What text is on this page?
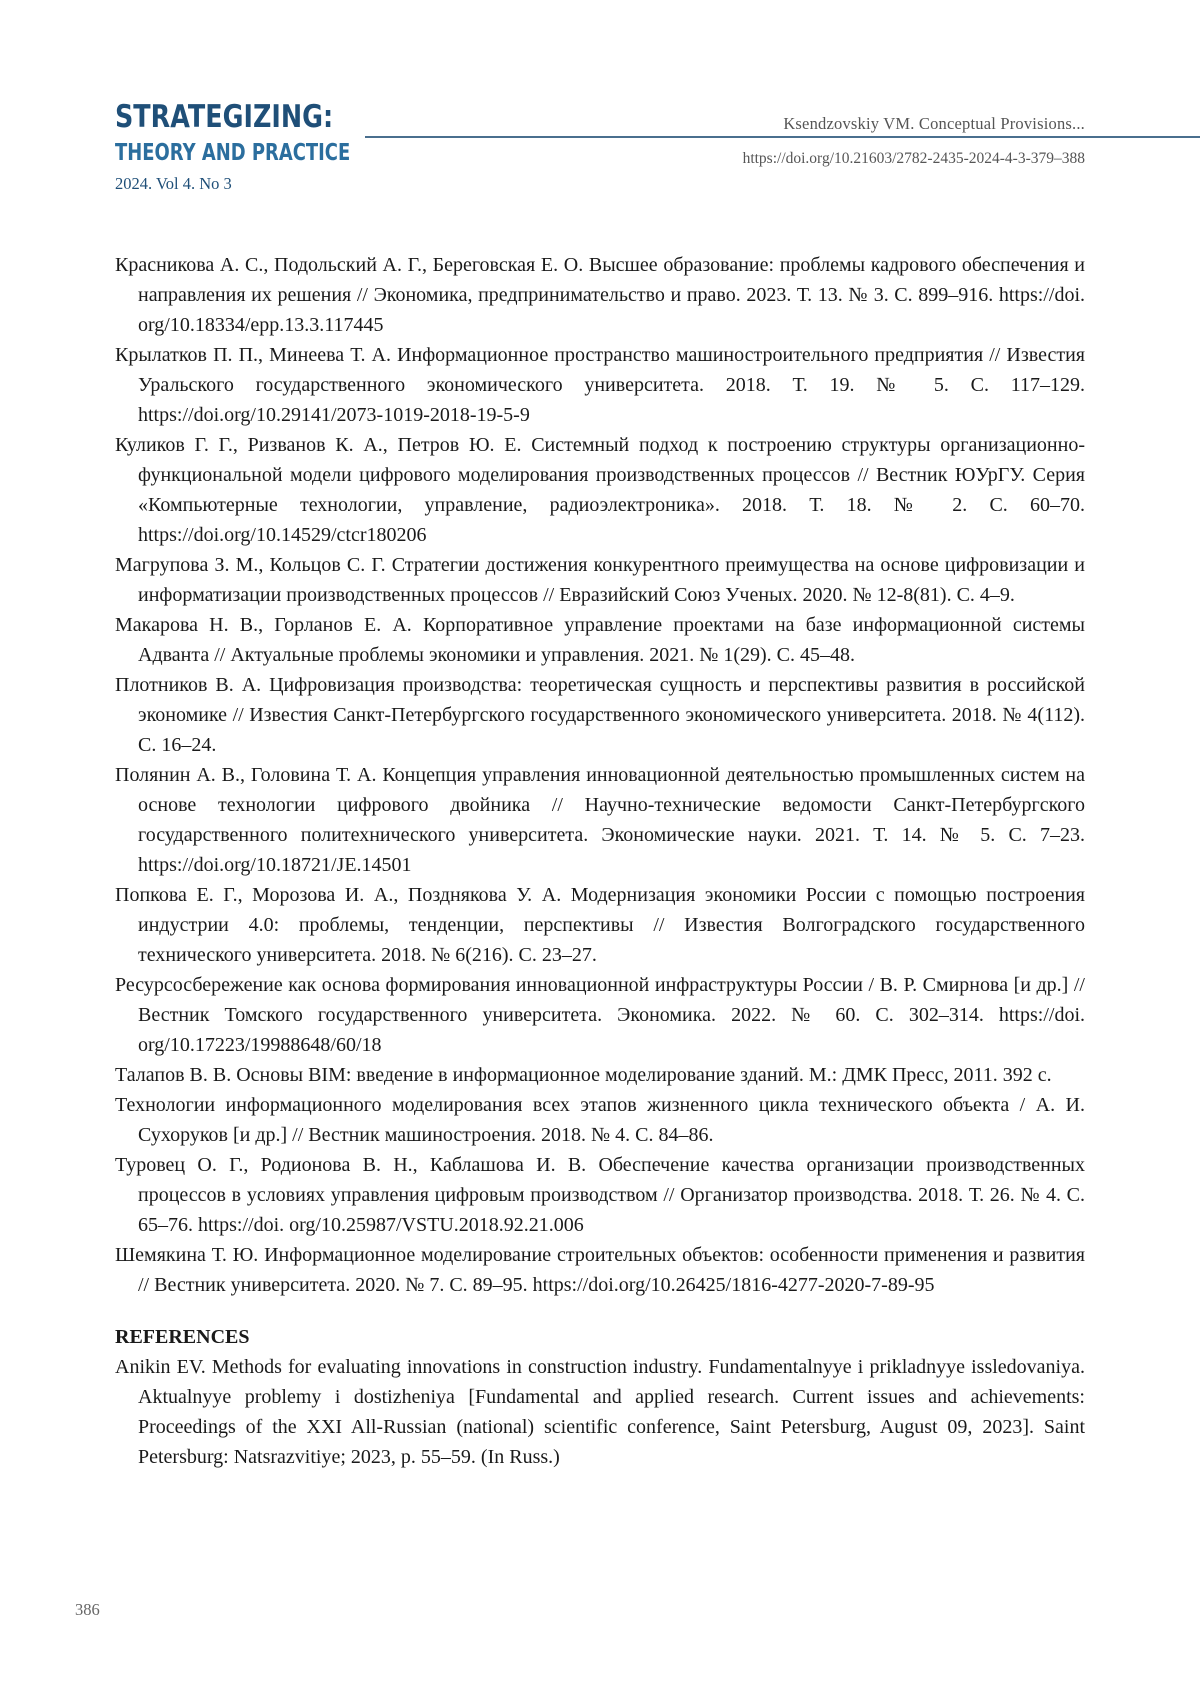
STRATEGIZING:
THEORY AND PRACTICE
2024. Vol 4. No 3
Ksendzovskiy VM. Conceptual Provisions...
https://doi.org/10.21603/2782-2435-2024-4-3-379–388

Красникова А. С., Подольский А. Г., Береговская Е. О. Высшее образование: проблемы кадрового обеспечения и направления их решения // Экономика, предпринимательство и право. 2023. Т. 13. № 3. С. 899–916. https://doi. org/10.18334/epp.13.3.117445

Крылатков П. П., Минеева Т. А. Информационное пространство машиностроительного предприятия // Известия Уральского государственного экономического университета. 2018. Т. 19. № 5. С. 117–129. https://doi.org/10.29141/2073-1019-2018-19-5-9

Куликов Г. Г., Ризванов К. А., Петров Ю. Е. Системный подход к построению структуры организационно-функциональной модели цифрового моделирования производственных процессов // Вестник ЮУрГУ. Серия «Компьютерные технологии, управление, радиоэлектроника». 2018. Т. 18. № 2. С. 60–70. https://doi.org/10.14529/ctcr180206

Магрупова З. М., Кольцов С. Г. Стратегии достижения конкурентного преимущества на основе цифровизации и информатизации производственных процессов // Евразийский Союз Ученых. 2020. № 12-8(81). С. 4–9.

Макарова Н. В., Горланов Е. А. Корпоративное управление проектами на базе информационной системы Адванта // Актуальные проблемы экономики и управления. 2021. № 1(29). С. 45–48.

Плотников В. А. Цифровизация производства: теоретическая сущность и перспективы развития в российской экономике // Известия Санкт-Петербургского государственного экономического университета. 2018. № 4(112). С. 16–24.

Полянин А. В., Головина Т. А. Концепция управления инновационной деятельностью промышленных систем на основе технологии цифрового двойника // Научно-технические ведомости Санкт-Петербургского государственного политехнического университета. Экономические науки. 2021. Т. 14. № 5. С. 7–23. https://doi.org/10.18721/JE.14501

Попкова Е. Г., Морозова И. А., Позднякова У. А. Модернизация экономики России с помощью построения индустрии 4.0: проблемы, тенденции, перспективы // Известия Волгоградского государственного технического университета. 2018. № 6(216). С. 23–27.

Ресурсосбережение как основа формирования инновационной инфраструктуры России / В. Р. Смирнова [и др.] // Вестник Томского государственного университета. Экономика. 2022. № 60. С. 302–314. https://doi. org/10.17223/19988648/60/18

Талапов В. В. Основы BIM: введение в информационное моделирование зданий. М.: ДМК Пресс, 2011. 392 с.

Технологии информационного моделирования всех этапов жизненного цикла технического объекта / А. И. Сухоруков [и др.] // Вестник машиностроения. 2018. № 4. С. 84–86.

Туровец О. Г., Родионова В. Н., Каблашова И. В. Обеспечение качества организации производственных процессов в условиях управления цифровым производством // Организатор производства. 2018. Т. 26. № 4. С. 65–76. https://doi. org/10.25987/VSTU.2018.92.21.006

Шемякина Т. Ю. Информационное моделирование строительных объектов: особенности применения и развития // Вестник университета. 2020. № 7. С. 89–95. https://doi.org/10.26425/1816-4277-2020-7-89-95

REFERENCES

Anikin EV. Methods for evaluating innovations in construction industry. Fundamentalnyye i prikladnyye issledovaniya. Aktualnyye problemy i dostizheniya [Fundamental and applied research. Current issues and achievements: Proceedings of the XXI All-Russian (national) scientific conference, Saint Petersburg, August 09, 2023]. Saint Petersburg: Natsrazvitiye; 2023, p. 55–59. (In Russ.)

386
